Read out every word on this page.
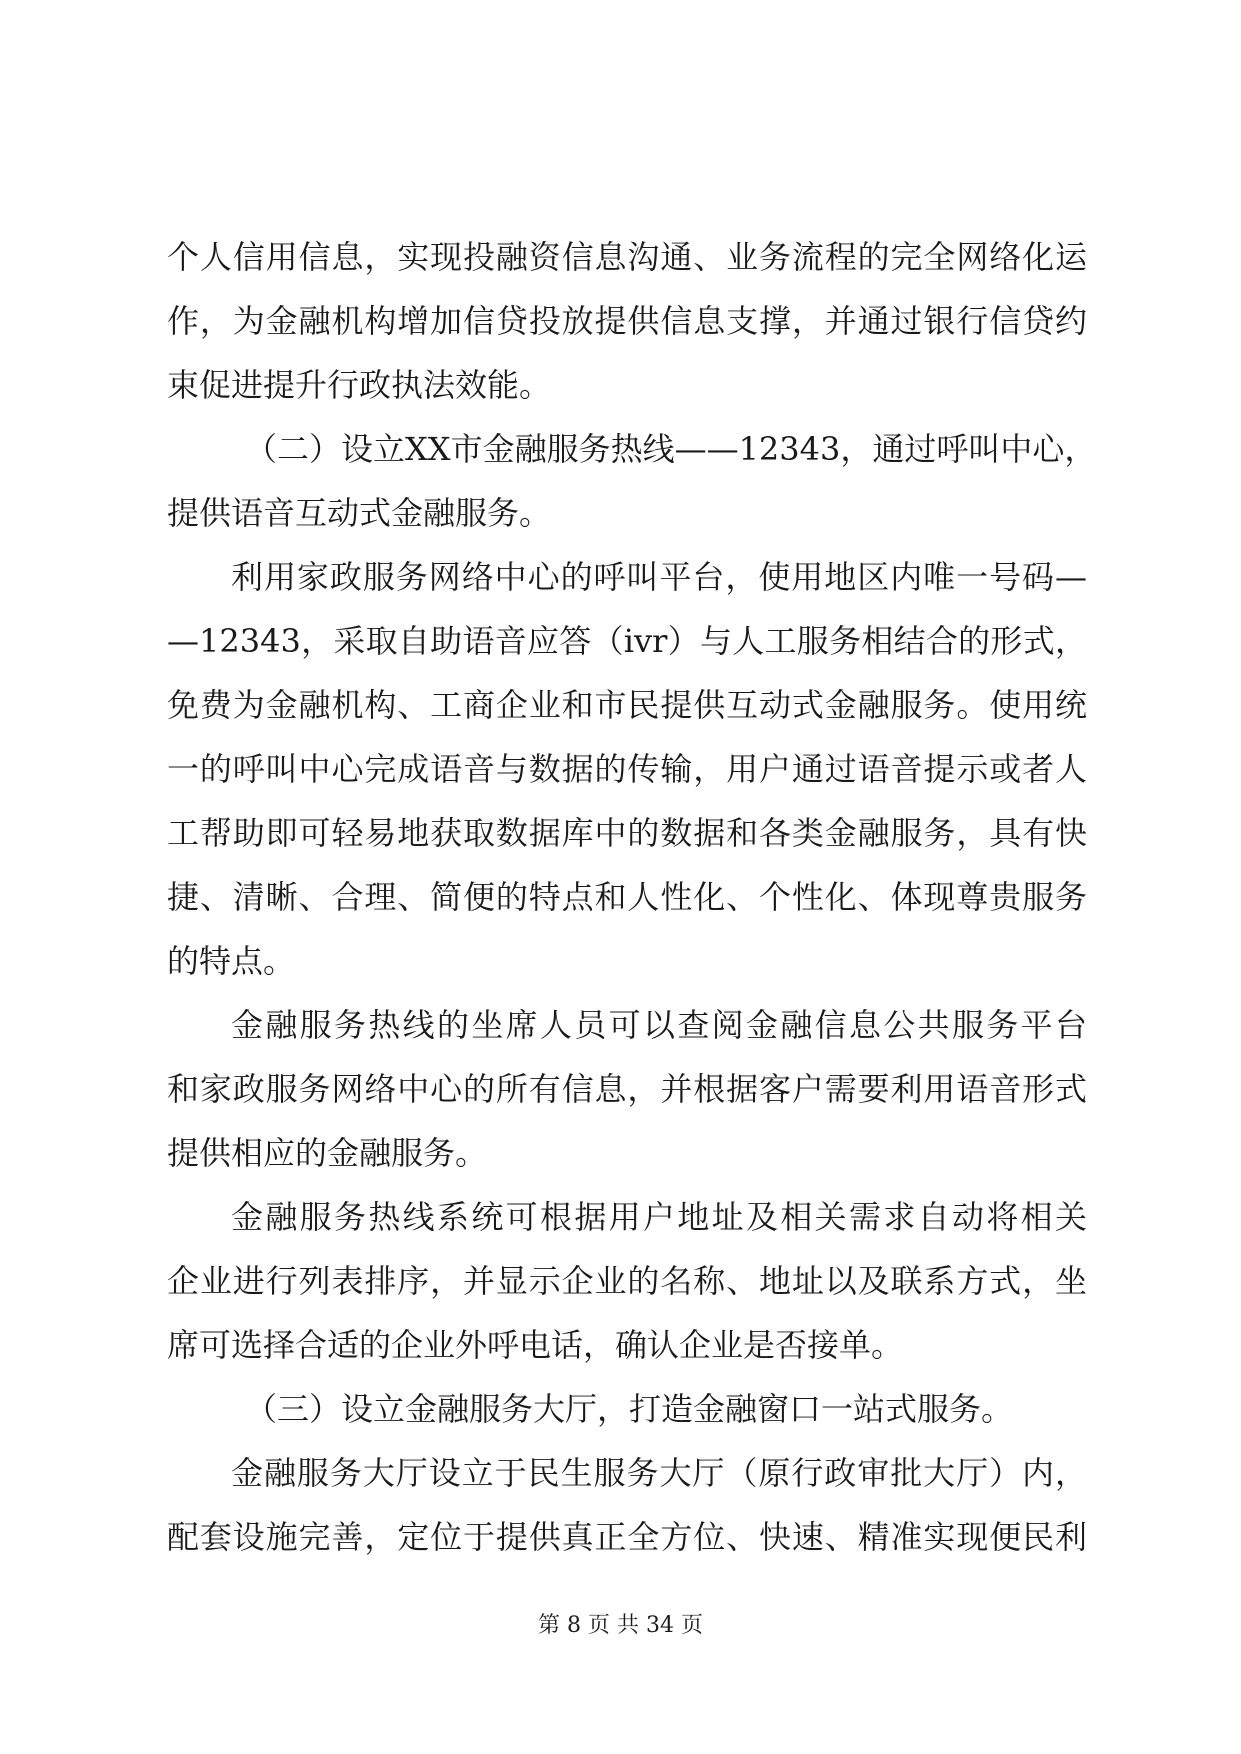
个人信用信息，实现投融资信息沟通、业务流程的完全网络化运
作，为金融机构增加信贷投放提供信息支撑，并通过银行信贷约
束促进提升行政执法效能。
（二）设立XX市金融服务热线——12343，通过呼叫中心，
提供语音互动式金融服务。
利用家政服务网络中心的呼叫平台，使用地区内唯一号码—
—12343，采取自助语音应答（ivr）与人工服务相结合的形式，
免费为金融机构、工商企业和市民提供互动式金融服务。使用统
一的呼叫中心完成语音与数据的传输，用户通过语音提示或者人
工帮助即可轻易地获取数据库中的数据和各类金融服务，具有快
捷、清晰、合理、简便的特点和人性化、个性化、体现尊贵服务
的特点。
金融服务热线的坐席人员可以查阅金融信息公共服务平台
和家政服务网络中心的所有信息，并根据客户需要利用语音形式
提供相应的金融服务。
金融服务热线系统可根据用户地址及相关需求自动将相关
企业进行列表排序，并显示企业的名称、地址以及联系方式，坐
席可选择合适的企业外呼电话，确认企业是否接单。
（三）设立金融服务大厅，打造金融窗口一站式服务。
金融服务大厅设立于民生服务大厅（原行政审批大厅）内，
配套设施完善，定位于提供真正全方位、快速、精准实现便民利
第 8 页 共 34 页
